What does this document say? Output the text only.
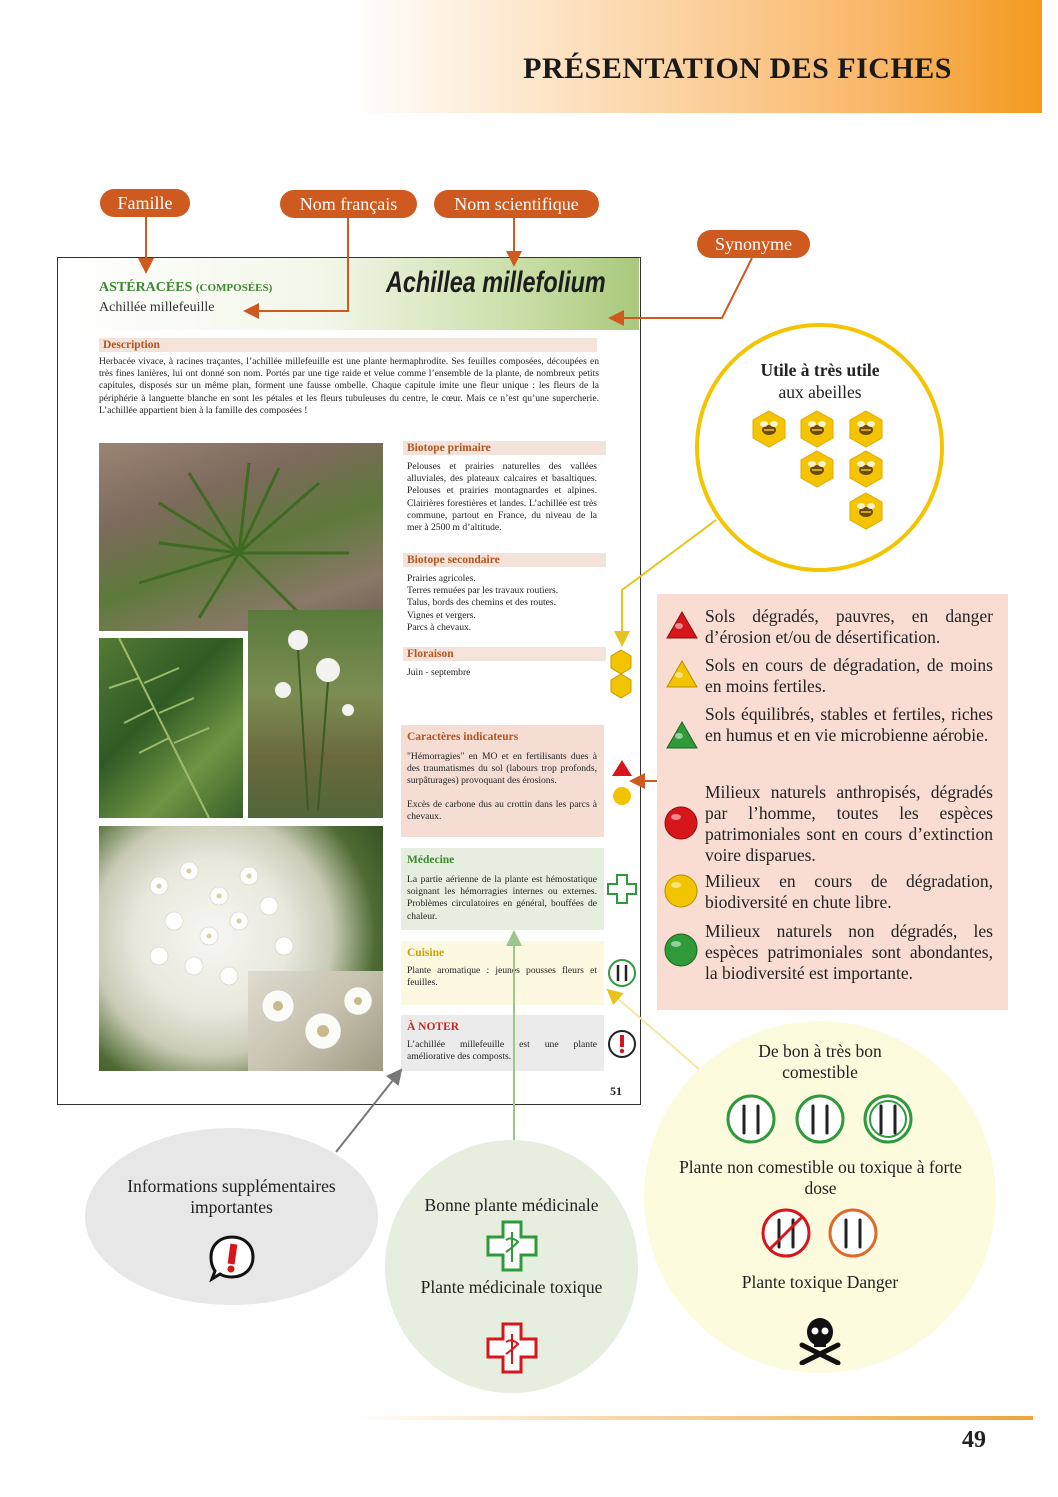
PRÉSENTATION DES FICHES
Famille	Nom français	Nom scientifique
Synonyme
ASTÉRACÉES (COMPOSÉES)
Achillée millefeuille
Achillea millefolium
Description
Herbacée vivace, à racines traçantes, l’achillée millefeuille est une plante hermaphrodite. Ses feuilles composées, découpées en très fines lanières, lui ont donné son nom. Portés par une tige raide et velue comme l’ensemble de la plante, de nombreux petits capitules, disposés sur un même plan, forment une fausse ombelle. Chaque capitule imite une fleur unique : les fleurs de la périphérie à languette blanche en sont les pétales et les fleurs tubuleuses du centre, le cœur. Mais ce n’est qu’une supercherie. L’achillée appartient bien à la famille des composées !
Biotope primaire
Pelouses et prairies naturelles des vallées alluviales, des plateaux calcaires et basaltiques. Pelouses et prairies montagnardes et alpines. Clairières forestières et landes. L’achillée est très commune, partout en France, du niveau de la mer à 2500 m d’altitude.
Biotope secondaire
Prairies agricoles.
Terres remuées par les travaux routiers.
Talus, bords des chemins et des routes.
Vignes et vergers.
Parcs à chevaux.
Floraison
Juin - septembre
Caractères indicateurs
"Hémorragies" en MO et en fertilisants dues à des traumatismes du sol (labours trop profonds, surpâturages) provoquant des érosions.
Excès de carbone dus au crottin dans les parcs à chevaux.
Médecine
La partie aérienne de la plante est hémostatique soignant les hémorragies internes ou externes. Problèmes circulatoires en général, bouffées de chaleur.
Cuisine
Plante aromatique : jeunes pousses fleurs et feuilles.
À NOTER
L’achillée millefeuille est une plante améliorative des composts.
51
Utile à très utile
aux abeilles
Sols dégradés, pauvres, en danger d’érosion et/ou de désertification.
Sols en cours de dégradation, de moins en moins fertiles.
Sols équilibrés, stables et fertiles, riches en humus et en vie microbienne aérobie.
Milieux naturels anthropisés, dégradés par l’homme, toutes les espèces patrimoniales sont en cours d’extinction voire disparues.
Milieux en cours de dégradation, biodiversité en chute libre.
Milieux naturels non dégradés, les espèces patrimoniales sont abondantes, la biodiversité est importante.
De bon à très bon comestible
Plante non comestible ou toxique à forte dose
Plante toxique Danger
Bonne plante médicinale
Plante médicinale toxique
Informations supplémentaires importantes
49
